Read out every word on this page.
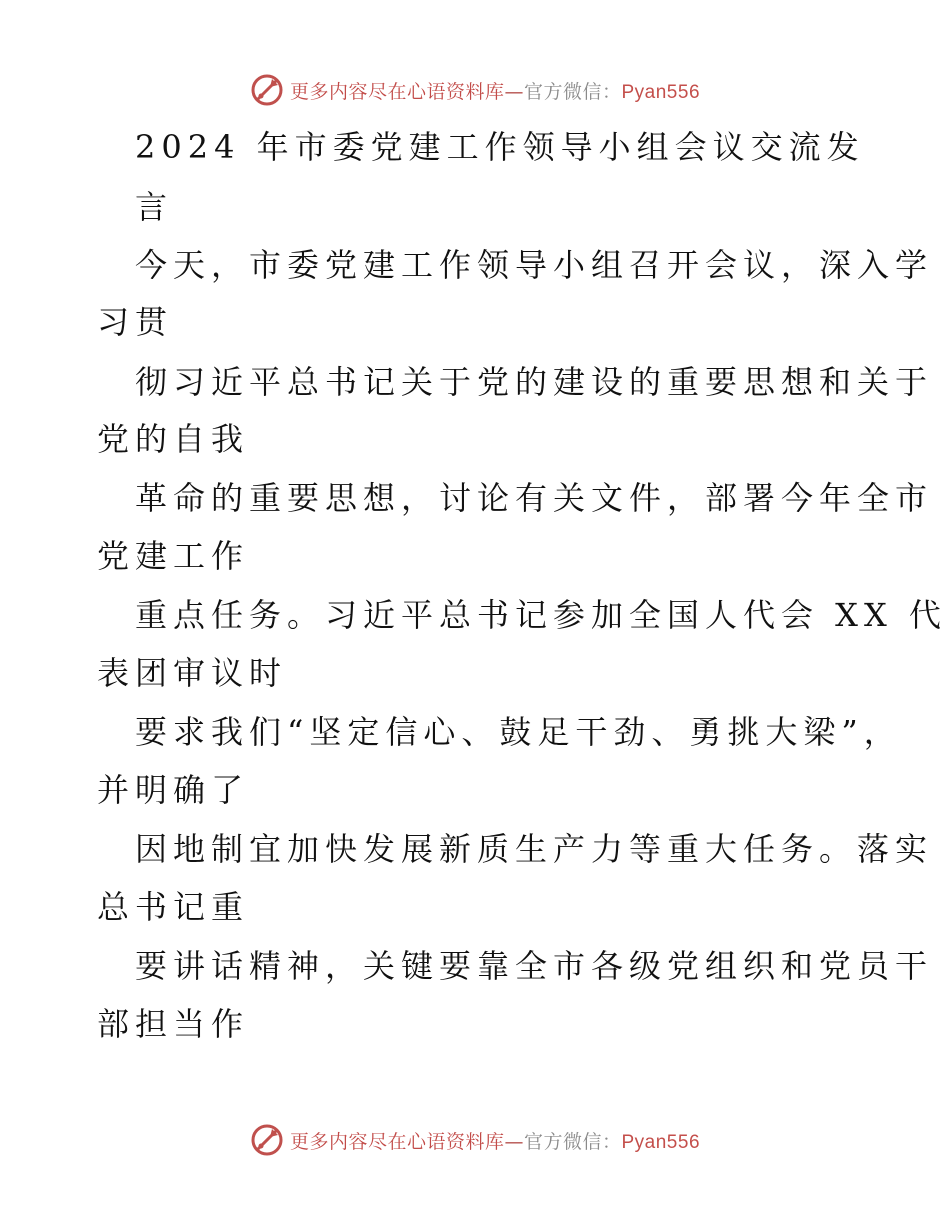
更多内容尽在心语资料库—官方微信：Pyan556
2024 年市委党建工作领导小组会议交流发
言
今天，市委党建工作领导小组召开会议，深入学
习贯
彻习近平总书记关于党的建设的重要思想和关于
党的自我
革命的重要思想，讨论有关文件，部署今年全市
党建工作
重点任务。习近平总书记参加全国人代会 XX 代
表团审议时
要求我们“坚定信心、鼓足干劲、勇挑大梁”，
并明确了
因地制宜加快发展新质生产力等重大任务。落实
总书记重
要讲话精神，关键要靠全市各级党组织和党员干
部担当作
更多内容尽在心语资料库—官方微信：Pyan556
